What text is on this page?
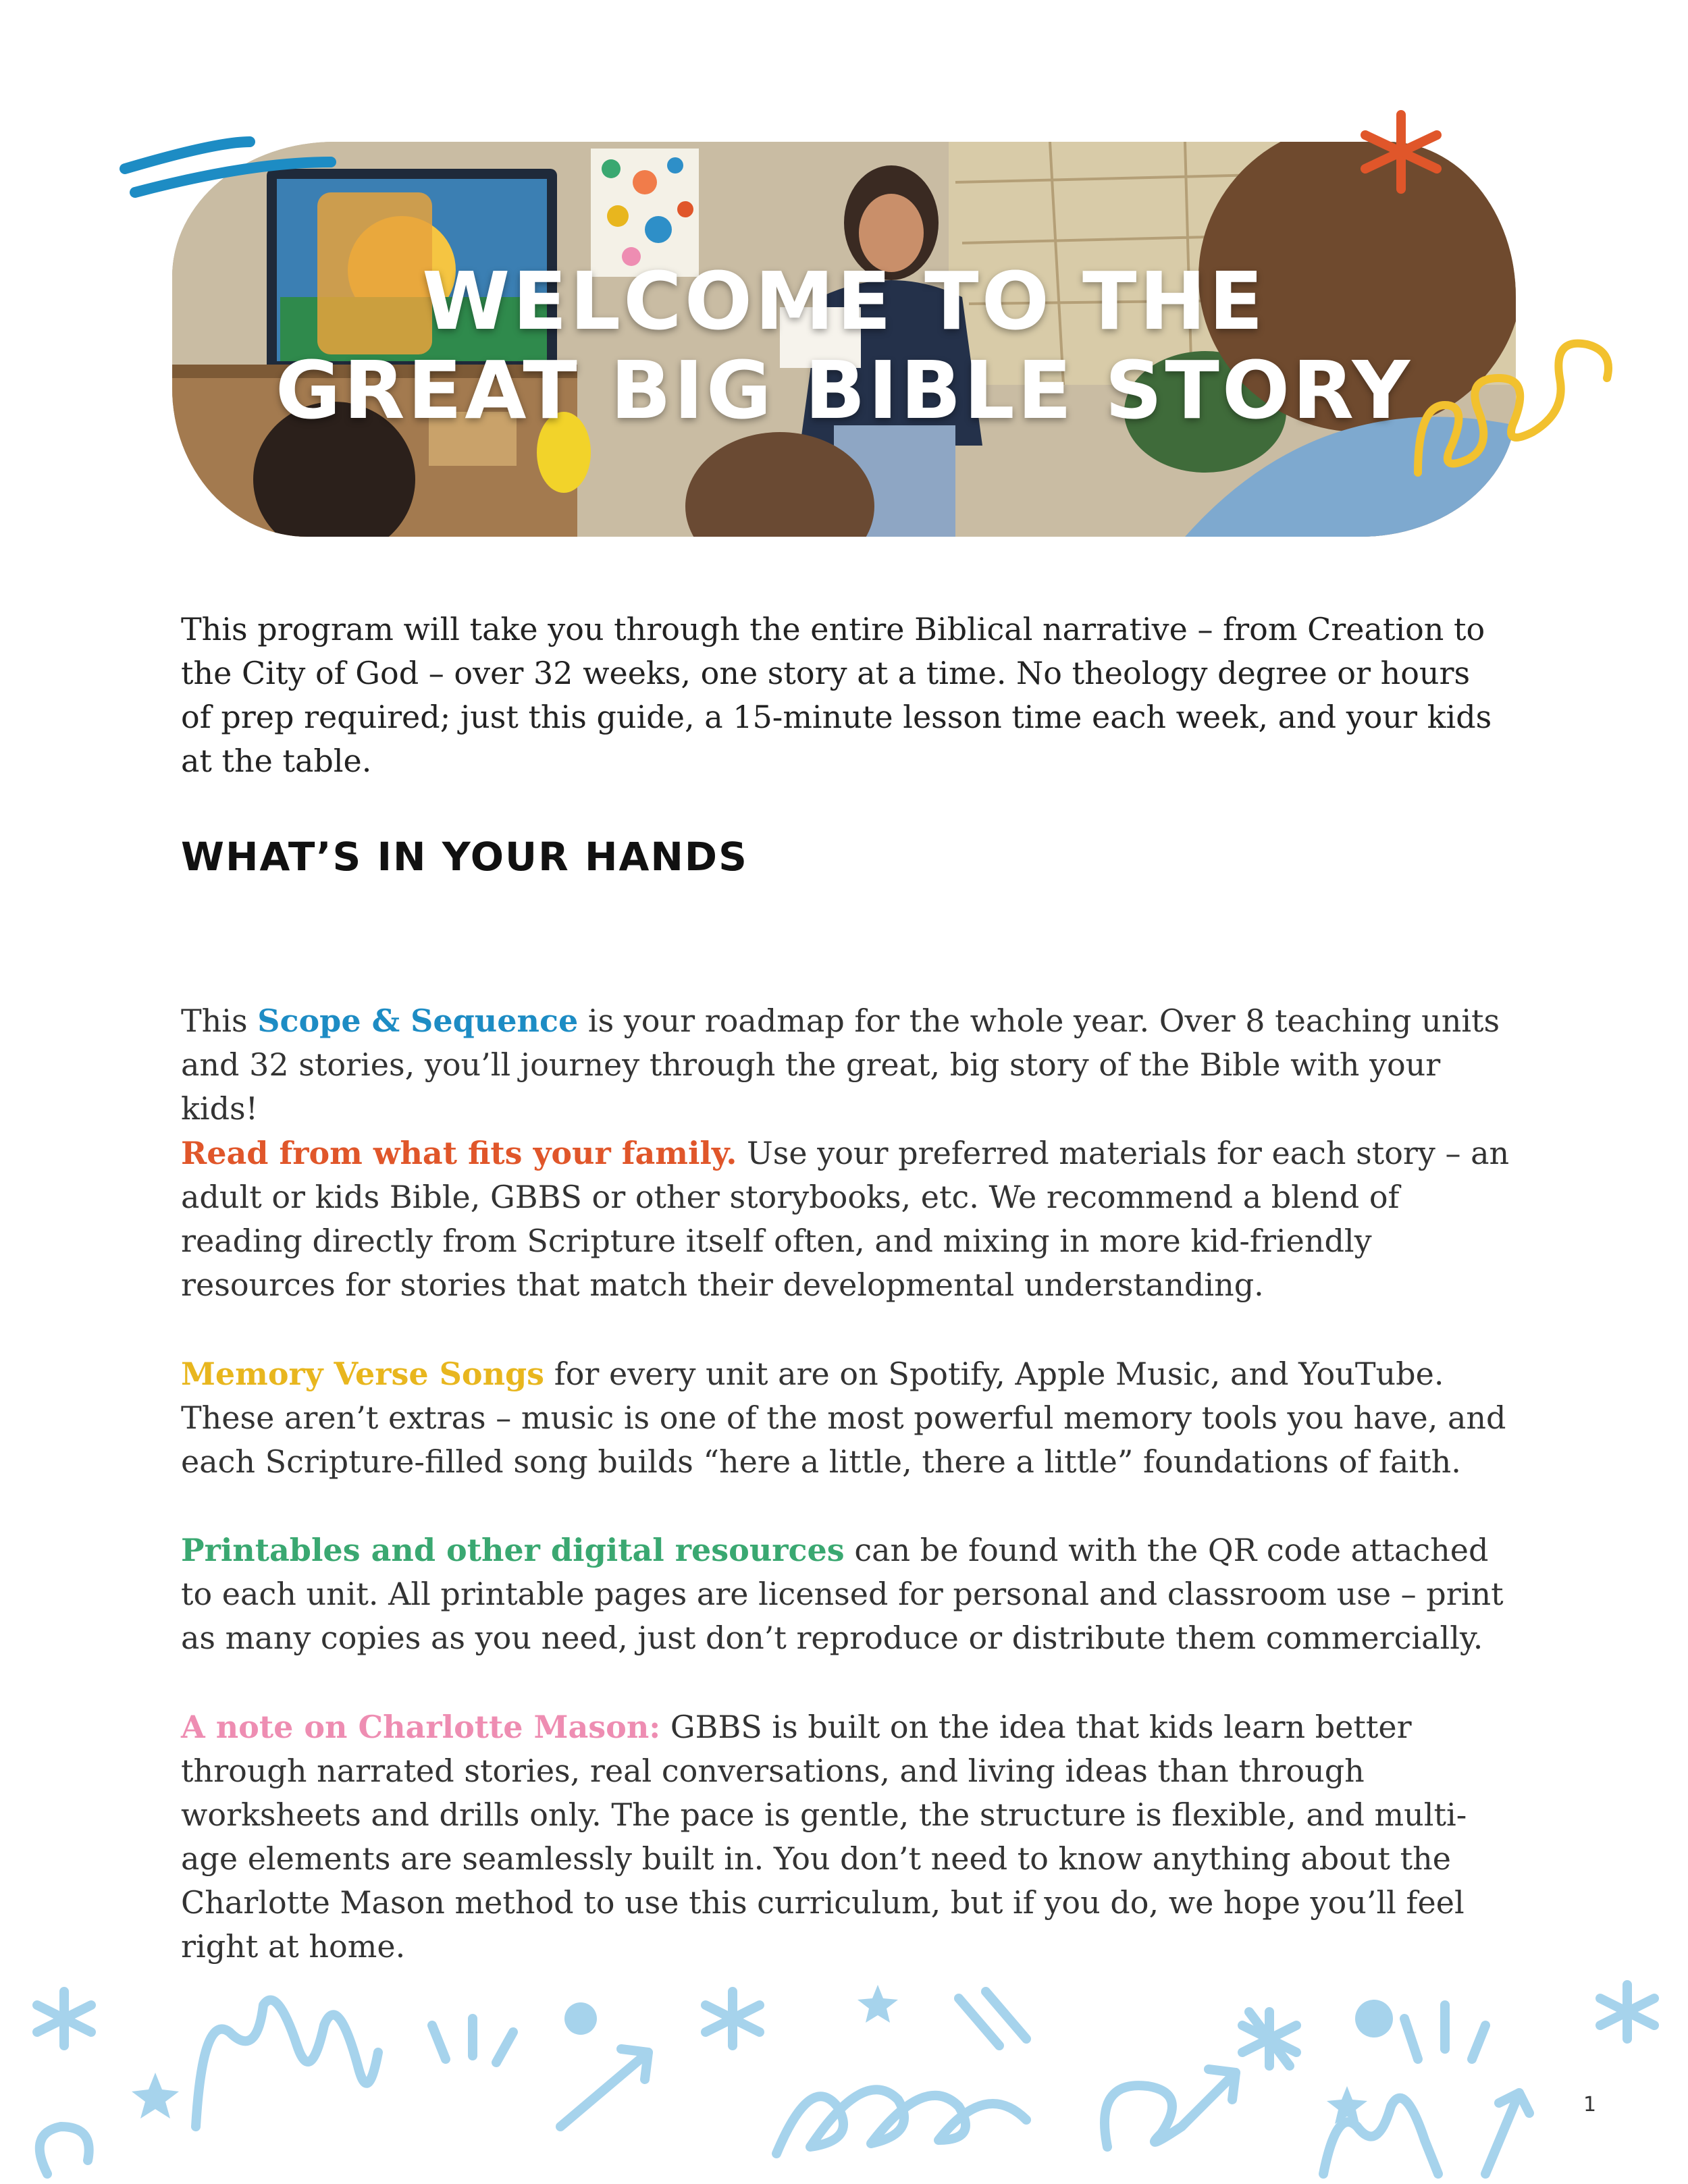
WELCOME TO THE
GREAT BIG BIBLE STORY

This program will take you through the entire Biblical narrative – from Creation to the City of God – over 32 weeks, one story at a time. No theology degree or hours of prep required; just this guide, a 15-minute lesson time each week, and your kids at the table.

WHAT’S IN YOUR HANDS

This Scope & Sequence is your roadmap for the whole year. Over 8 teaching units and 32 stories, you’ll journey through the great, big story of the Bible with your kids!

Read from what fits your family. Use your preferred materials for each story – an adult or kids Bible, GBBS or other storybooks, etc. We recommend a blend of reading directly from Scripture itself often, and mixing in more kid-friendly resources for stories that match their developmental understanding.

Memory Verse Songs for every unit are on Spotify, Apple Music, and YouTube. These aren’t extras – music is one of the most powerful memory tools you have, and each Scripture-filled song builds “here a little, there a little” foundations of faith.

Printables and other digital resources can be found with the QR code attached to each unit. All printable pages are licensed for personal and classroom use – print as many copies as you need, just don’t reproduce or distribute them commercially.

A note on Charlotte Mason: GBBS is built on the idea that kids learn better through narrated stories, real conversations, and living ideas than through worksheets and drills only. The pace is gentle, the structure is flexible, and multi-age elements are seamlessly built in. You don’t need to know anything about the Charlotte Mason method to use this curriculum, but if you do, we hope you’ll feel right at home.

1
